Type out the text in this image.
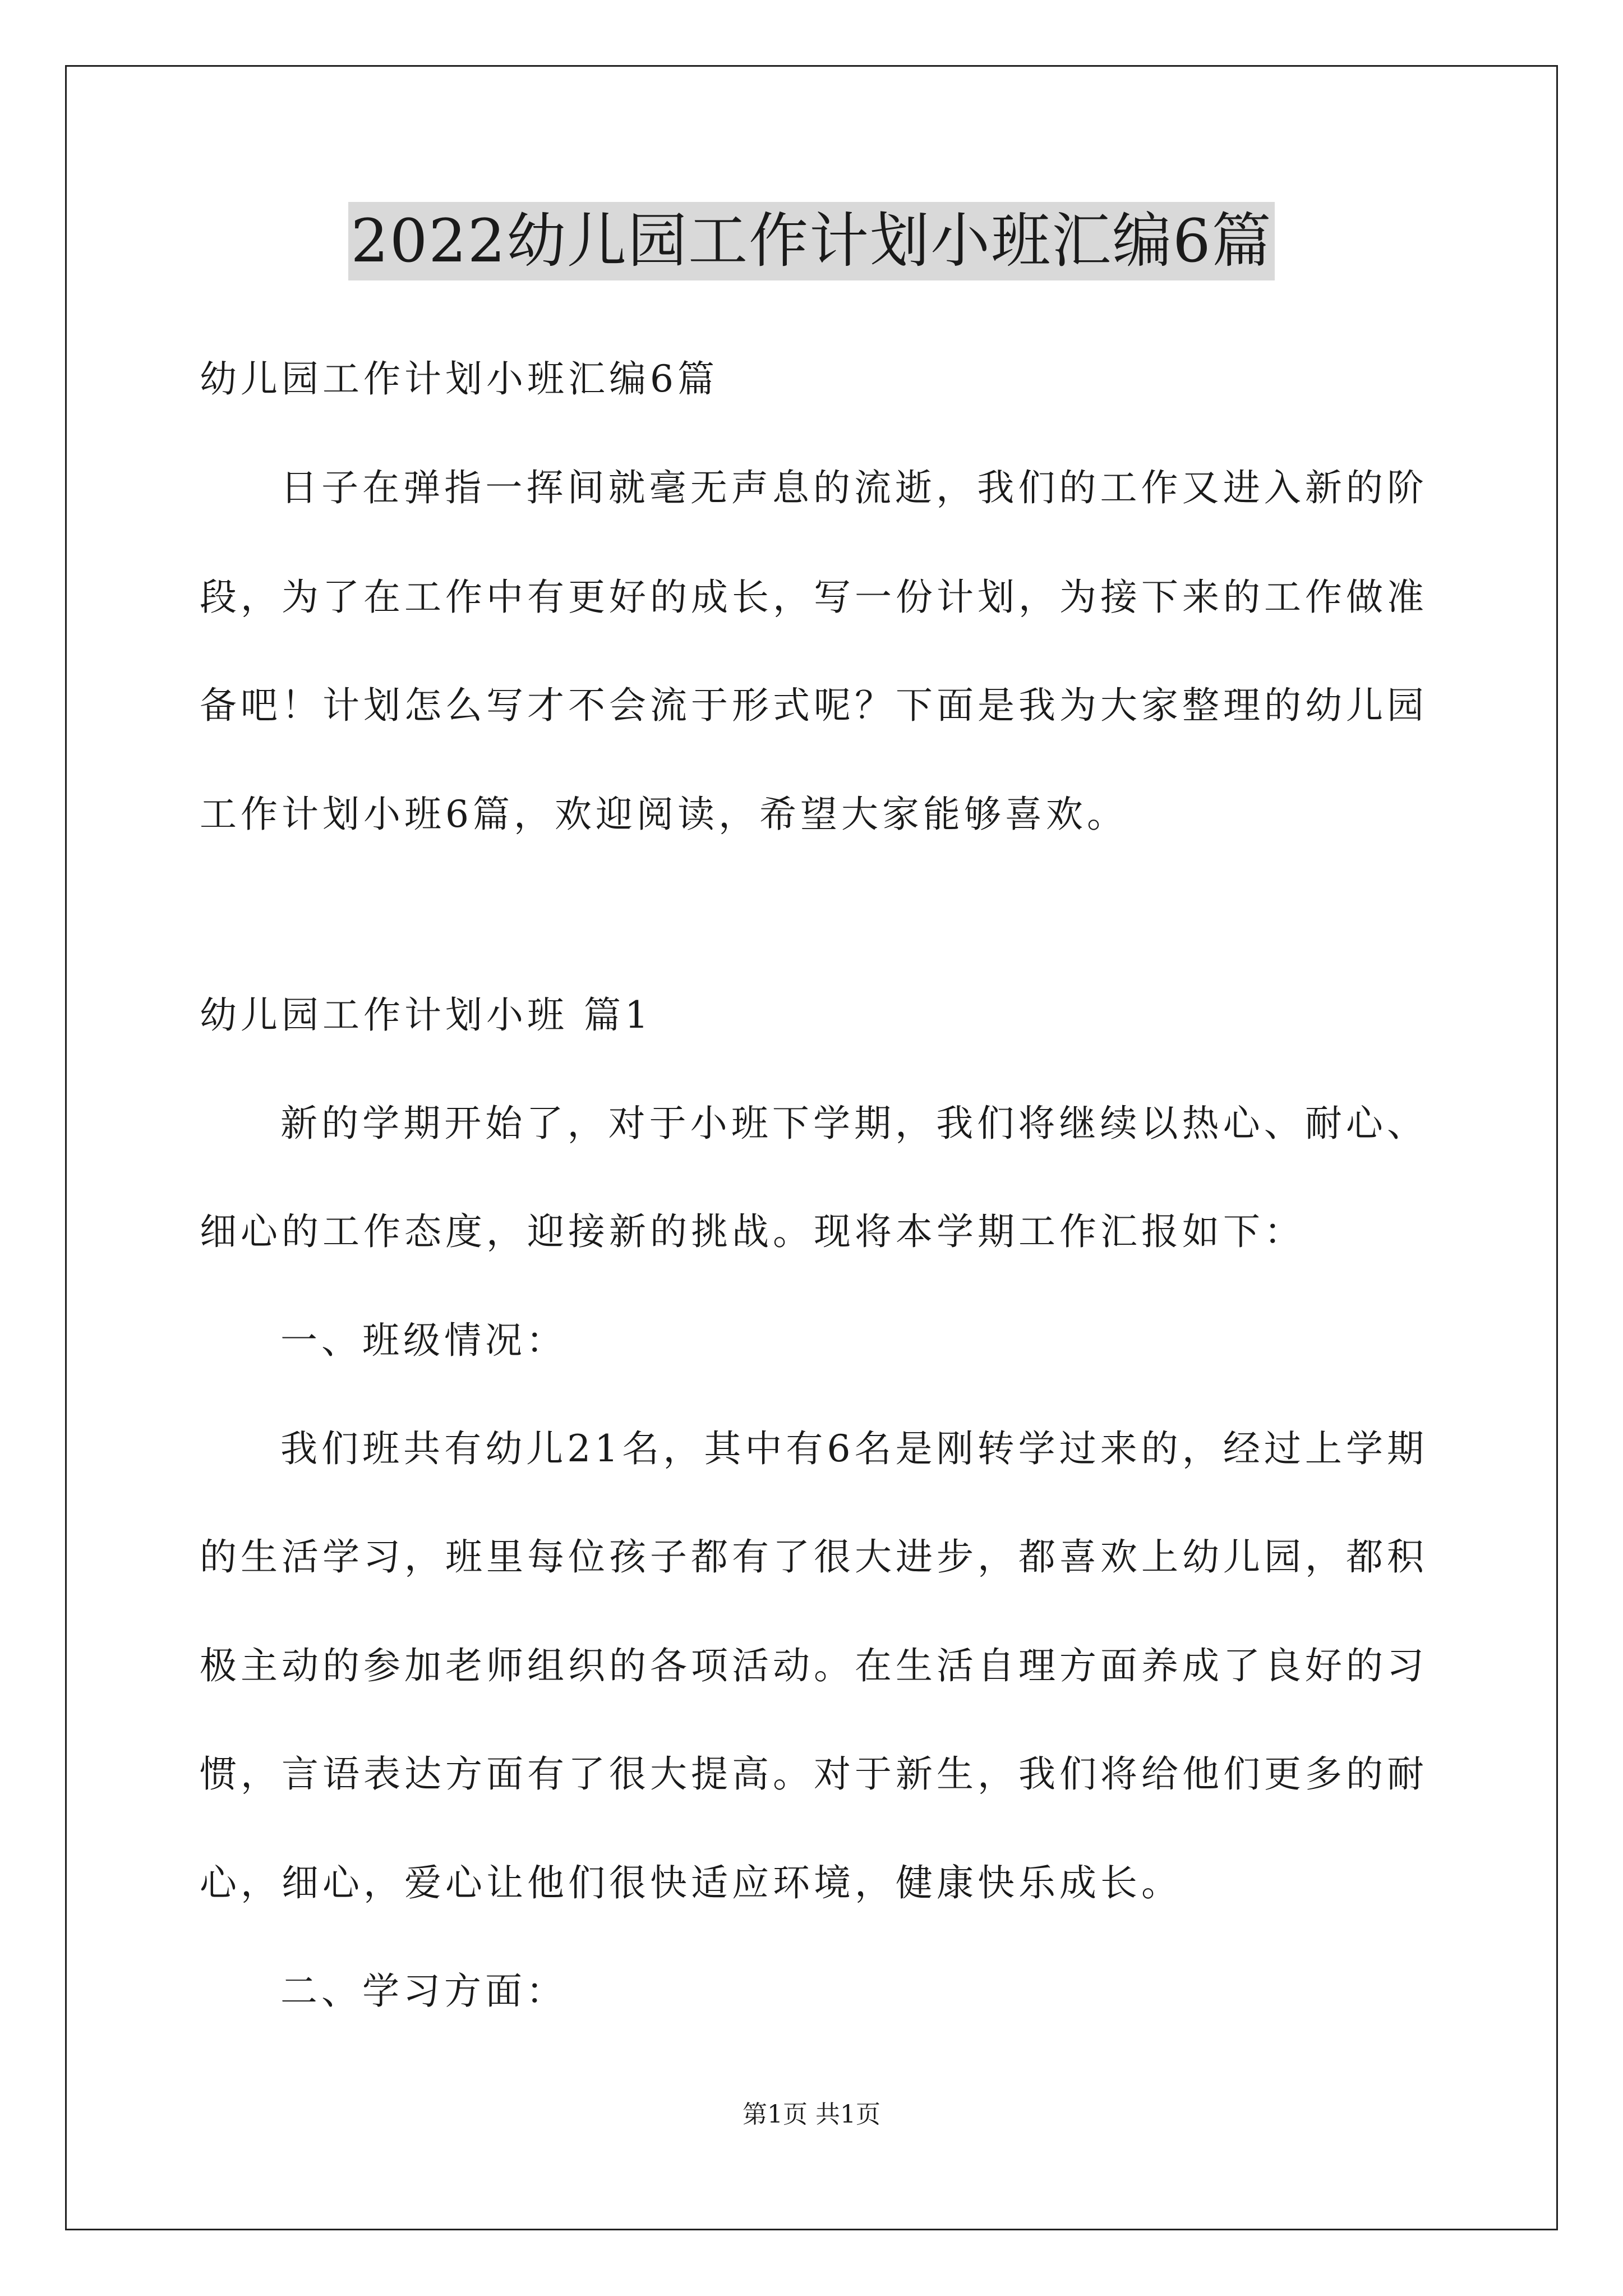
2022幼儿园工作计划小班汇编6篇
幼儿园工作计划小班汇编6篇
日子在弹指一挥间就毫无声息的流逝，我们的工作又进入新的阶
段，为了在工作中有更好的成长，写一份计划，为接下来的工作做准
备吧！计划怎么写才不会流于形式呢？下面是我为大家整理的幼儿园
工作计划小班6篇，欢迎阅读，希望大家能够喜欢。
幼儿园工作计划小班 篇1
新的学期开始了，对于小班下学期，我们将继续以热心、耐心、
细心的工作态度，迎接新的挑战。现将本学期工作汇报如下：
一、班级情况：
我们班共有幼儿21名，其中有6名是刚转学过来的，经过上学期
的生活学习，班里每位孩子都有了很大进步，都喜欢上幼儿园，都积
极主动的参加老师组织的各项活动。在生活自理方面养成了良好的习
惯，言语表达方面有了很大提高。对于新生，我们将给他们更多的耐
心，细心，爱心让他们很快适应环境，健康快乐成长。
二、学习方面：
第1页 共1页
